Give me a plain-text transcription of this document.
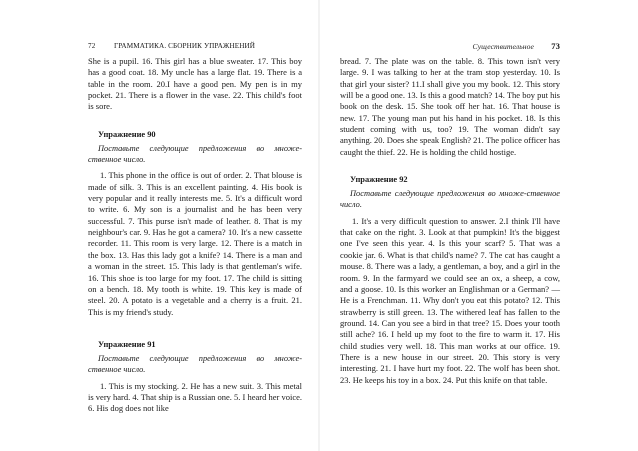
72	ГРАММАТИКА. СБОРНИК УПРАЖНЕНИЙ

She is a pupil. 16. This girl has a blue sweater. 17. This boy has a good coat. 18. My uncle has a large flat. 19. There is a table in the room. 20.I have a good pen. My pen is in my pocket. 21. There is a flower in the vase. 22. This child's foot is sore.

Упражнение 90

Поставьте следующие предложения во множе-ственное число.

1. This phone in the office is out of order. 2. That blouse is made of silk. 3. This is an excellent painting. 4. His book is very popular and it really interests me. 5. It's a difficult word to write. 6. My son is a journalist and he has been very successful. 7. This purse isn't made of leather. 8. That is my neighbour's car. 9. Has he got a camera? 10. It's a new cassette recorder. 11. This room is very large. 12. There is a match in the box. 13. Has this lady got a knife? 14. There is a man and a woman in the street. 15. This lady is that gentleman's wife. 16. This shoe is too large for my foot. 17. The child is sitting on a bench. 18. My tooth is white. 19. This key is made of steel. 20. A potato is a vegetable and a cherry is a fruit. 21. This is my friend's study.

Упражнение 91

Поставьте следующие предложения во множе-ственное число.

1. This is my stocking. 2. He has a new suit. 3. This metal is very hard. 4. That ship is a Russian one. 5. I heard her voice. 6. His dog does not like

Существительное 73

bread. 7. The plate was on the table. 8. This town isn't very large. 9. I was talking to her at the tram stop yesterday. 10. Is that girl your sister? 11.I shall give you my book. 12. This story will be a good one. 13. Is this a good match? 14. The boy put his book on the desk. 15. She took off her hat. 16. That house is new. 17. The young man put his hand in his pocket. 18. Is this student coming with us, too? 19. The woman didn't say anything. 20. Does she speak English? 21. The police officer has caught the thief. 22. He is holding the child hostige.

Упражнение 92

Поставьте следующие предложения во множе-ственное число.

1. It's a very difficult question to answer. 2.I think I'll have that cake on the right. 3. Look at that pumpkin! It's the biggest one I've seen this year. 4. Is this your scarf? 5. That was a cookie jar. 6. What is that child's name? 7. The cat has caught a mouse. 8. There was a lady, a gentleman, a boy, and a girl in the room. 9. In the farmyard we could see an ox, a sheep, a cow, and a goose. 10. Is this worker an Englishman or a German? — He is a Frenchman. 11. Why don't you eat this potato? 12. This strawberry is still green. 13. The withered leaf has fallen to the ground. 14. Can you see a bird in that tree? 15. Does your tooth still ache? 16. I held up my foot to the fire to warm it. 17. His child studies very well. 18. This man works at our office. 19. There is a new house in our street. 20. This story is very interesting. 21. I have hurt my foot. 22. The wolf has been shot. 23. He keeps his toy in a box. 24. Put this knife on that table.
